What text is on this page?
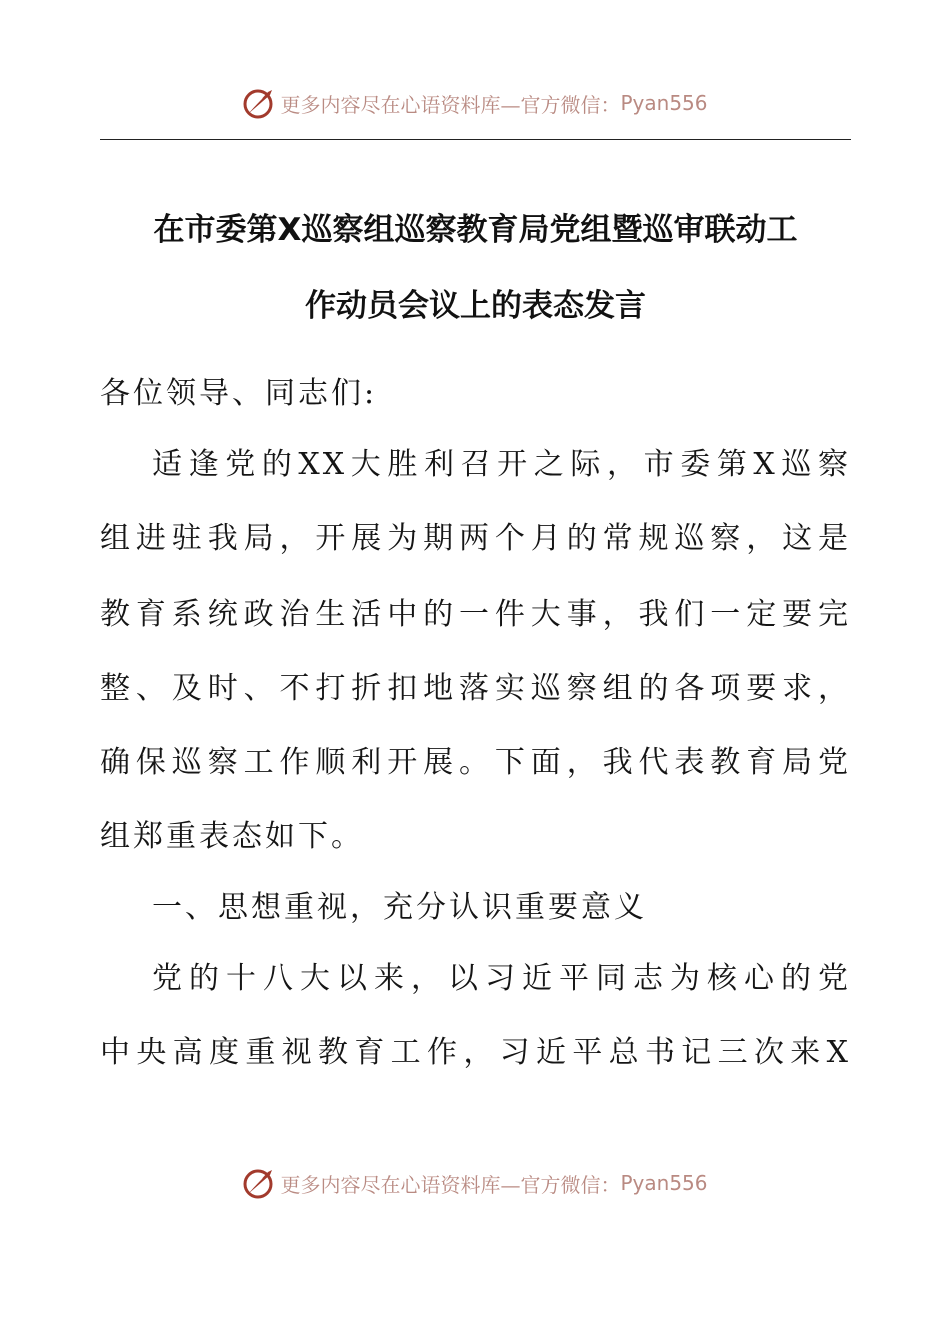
更多内容尽在心语资料库—官方微信： Pyan556
在市委第X巡察组巡察教育局党组暨巡审联动工
作动员会议上的表态发言

各位领导、同志们:

适逢党的XX大胜利召开之际，市委第X巡察

组进驻我局，开展为期两个月的常规巡察，这是

教育系统政治生活中的一件大事，我们一定要完

整、及时、不打折扣地落实巡察组的各项要求，

确保巡察工作顺利开展。下面，我代表教育局党

组郑重表态如下。

一、思想重视，充分认识重要意义

党的十八大以来，以习近平同志为核心的党

中央高度重视教育工作，习近平总书记三次来X

更多内容尽在心语资料库—官方微信： Pyan556
